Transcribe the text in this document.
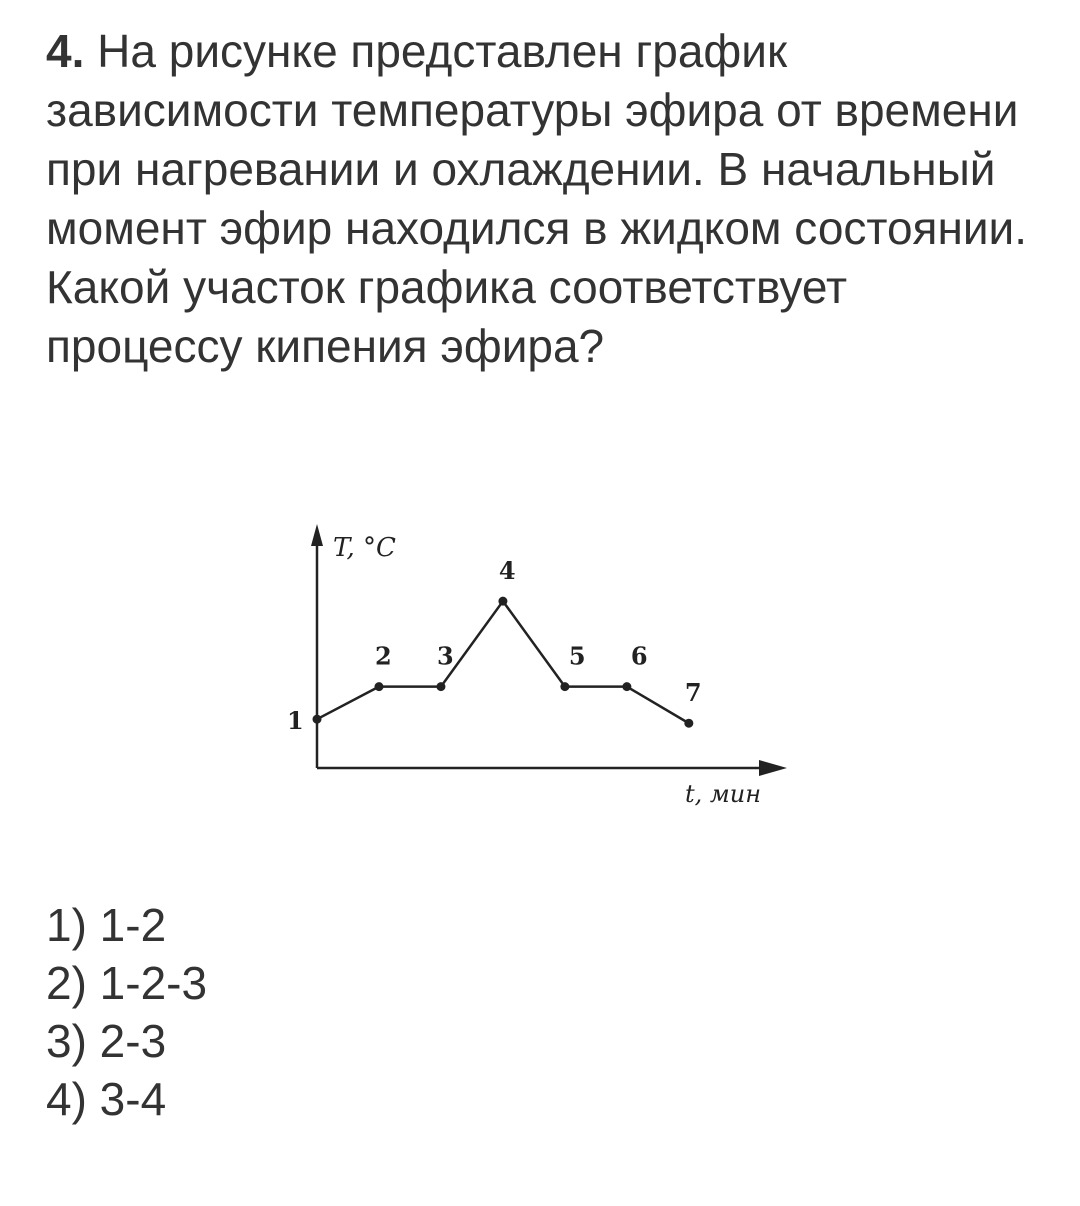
4. На рисунке представлен график зависимости температуры эфира от времени при нагревании и охлаждении. В начальный момент эфир находился в жидком состоянии. Какой участок графика соответствует процессу кипения эфира?

T, °C
t, мин
1
2 3
4
5 6
7
1) 1-2
2) 1-2-3
3) 2-3
4) 3-4
